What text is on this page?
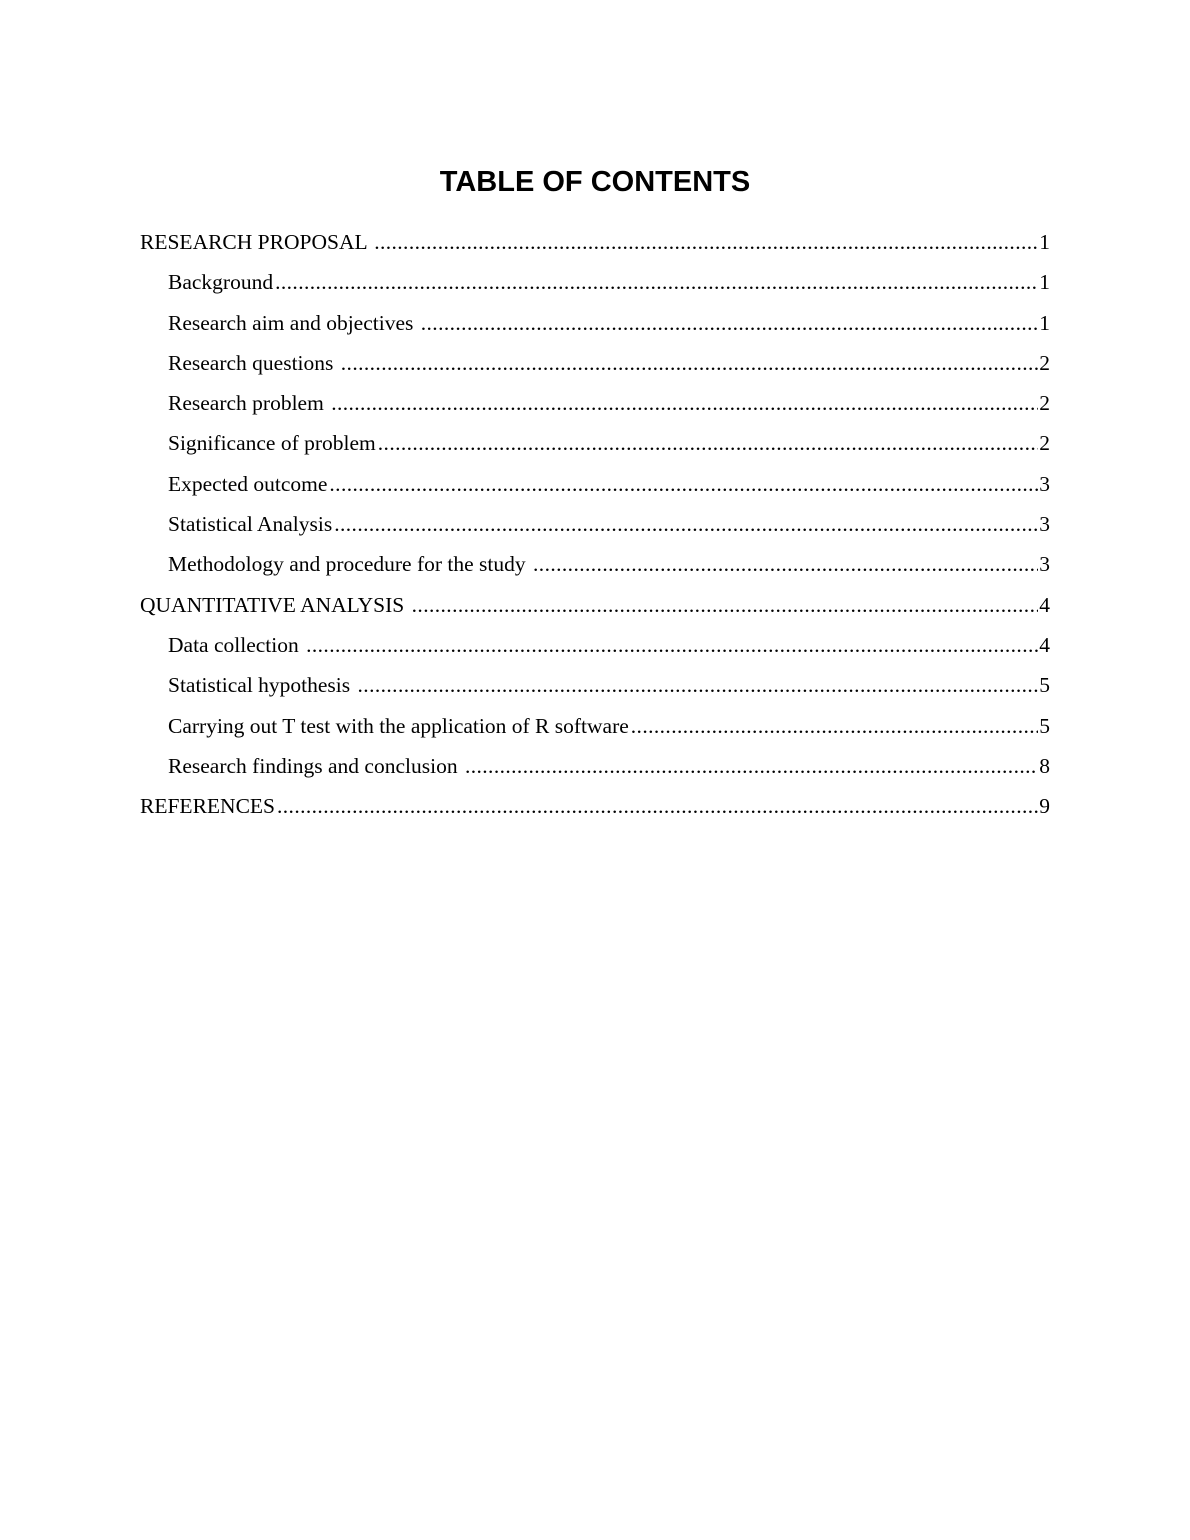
TABLE OF CONTENTS
RESEARCH PROPOSAL .....	1
Background .....	1
Research aim and objectives .....	1
Research questions .....	2
Research problem .....	2
Significance of problem .....	2
Expected outcome .....	3
Statistical Analysis .....	3
Methodology and procedure for the study .....	3
QUANTITATIVE ANALYSIS .....	4
Data collection .....	4
Statistical hypothesis .....	5
Carrying out T test with the application of R software .....	5
Research findings and conclusion .....	8
REFERENCES .....	9
